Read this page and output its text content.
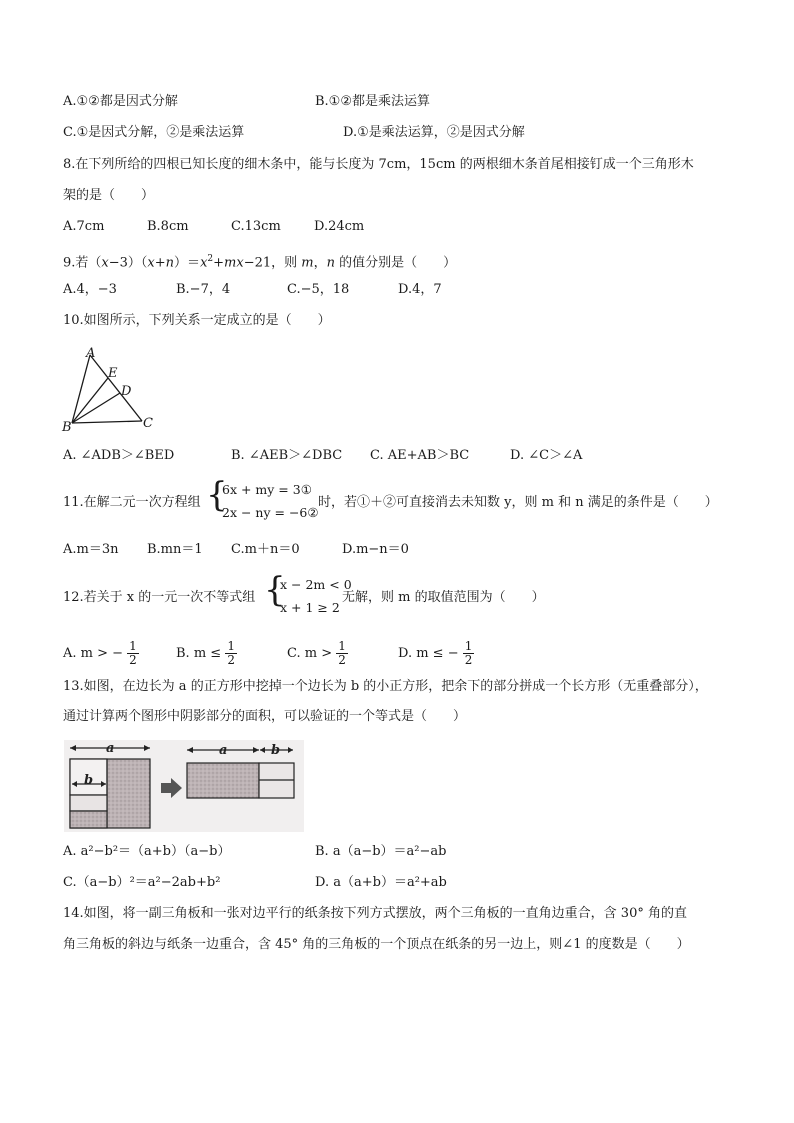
A.①②都是因式分解	B.①②都是乘法运算
C.①是因式分解，②是乘法运算	D.①是乘法运算，②是因式分解
8.在下列所给的四根已知长度的细木条中，能与长度为 7cm，15cm 的两根细木条首尾相接钉成一个三角形木
架的是（　　）
A.7cm	B.8cm	C.13cm	D.24cm
9.若$(x-3)(x+n)=x^2+mx-21$，则 m，n 的值分别是（　　）
A.4，−3	B.−7，4	C.−5，18	D.4，7
10.如图所示，下列关系一定成立的是（　　）
A
E
D
B	C
A. ∠ADB＞∠BED	B. ∠AEB＞∠DBC C. AE+AB＞BC	D. ∠C＞∠A
11.在解二元一次方程组 {
6x + my = 3①
2x − ny = −6②
时，若①＋②可直接消去未知数 y，则 m 和 n 满足的条件是（　　）
A.m＝3n B.mn＝1 C.m＋n＝0	D.m−n＝0
12.若关于 x 的一元一次不等式组 {
x − 2m < 0
x + 1 ≥ 2
无解，则 m 的取值范围为（　　）
A. m > − $\frac{1}{2}$	B. $m \le \frac{1}{2}$	C. $m > \frac{1}{2}$	D. m ≤ − $\frac{1}{2}$
13.如图，在边长为 a 的正方形中挖掉一个边长为 b 的小正方形，把余下的部分拼成一个长方形（无重叠部分），
通过计算两个图形中阴影部分的面积，可以验证的一个等式是（　　）
a
b
a	b
A. a²−b²＝（a+b）（a−b）	B. a（a−b）＝a²−ab
C.（a−b）²＝a²−2ab+b²	D. a（a+b）＝a²+ab
14.如图，将一副三角板和一张对边平行的纸条按下列方式摆放，两个三角板的一直角边重合，含 30° 角的直
角三角板的斜边与纸条一边重合，含 45° 角的三角板的一个顶点在纸条的另一边上，则∠1 的度数是（　　）
